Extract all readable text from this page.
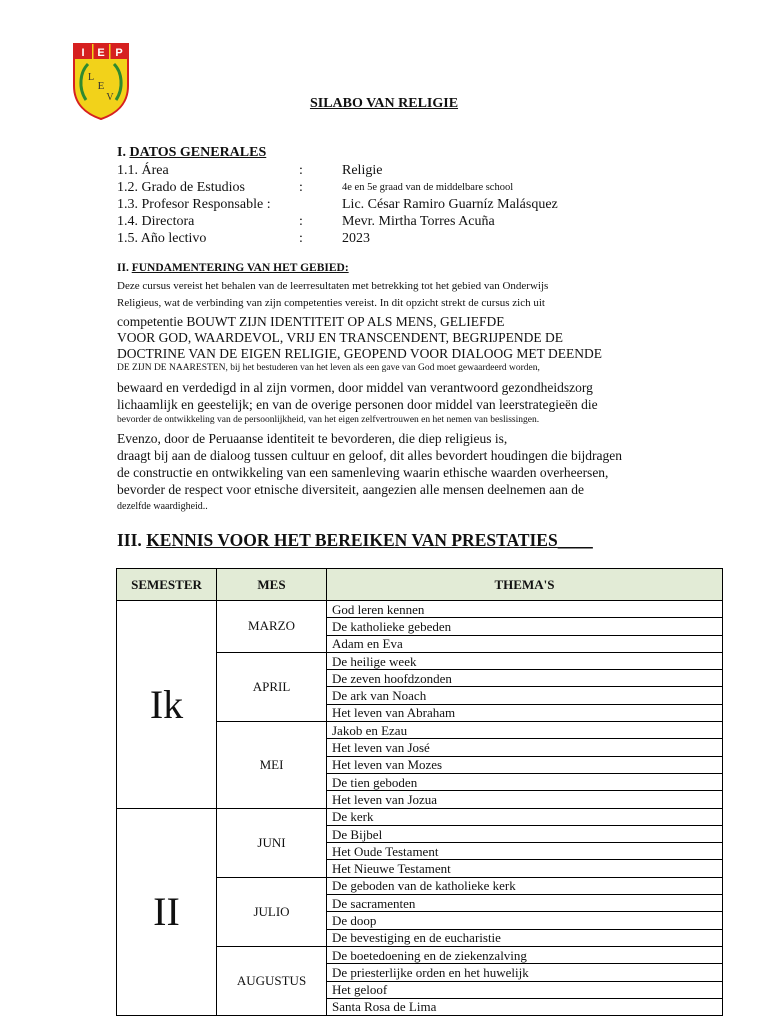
I E P
L
E
V	SILABO VAN RELIGIE
I. DATOS GENERALES
1.1. Área	:	Religie
1.2. Grado de Estudios	:	4e en 5e graad van de middelbare school
1.3. Profesor Responsable :	Lic. César Ramiro Guarníz Malásquez
1.4. Directora	:	Mevr. Mirtha Torres Acuña
1.5. Año lectivo	:	2023
II. FUNDAMENTERING VAN HET GEBIED:
Deze cursus vereist het behalen van de leerresultaten met betrekking tot het gebied van Onderwijs
Religieus, wat de verbinding van zijn competenties vereist. In dit opzicht strekt de cursus zich uit
competentie BOUWT ZIJN IDENTITEIT OP ALS MENS, GELIEFDE
VOOR GOD, WAARDEVOL, VRIJ EN TRANSCENDENT, BEGRIJPENDE DE
DOCTRINE VAN DE EIGEN RELIGIE, GEOPEND VOOR DIALOOG MET DEENDE
DE ZIJN DE NAARESTEN, bij het bestuderen van het leven als een gave van God moet gewaardeerd worden,
bewaard en verdedigd in al zijn vormen, door middel van verantwoord gezondheidszorg
lichaamlijk en geestelijk; en van de overige personen door middel van leerstrategieën die
bevorder de ontwikkeling van de persoonlijkheid, van het eigen zelfvertrouwen en het nemen van beslissingen.
Evenzo, door de Peruaanse identiteit te bevorderen, die diep religieus is,
draagt bij aan de dialoog tussen cultuur en geloof, dit alles bevordert houdingen die bijdragen
de constructie en ontwikkeling van een samenleving waarin ethische waarden overheersen,
bevorder de respect voor etnische diversiteit, aangezien alle mensen deelnemen aan de
dezelfde waardigheid..
III. KENNIS VOOR HET BEREIKEN VAN PRESTATIES____
SEMESTER	MES	THEMA'S
Ik	MARZO	God leren kennen
		De katholieke gebeden
		Adam en Eva
	APRIL	De heilige week
		De zeven hoofdzonden
		De ark van Noach
		Het leven van Abraham
	MEI	Jakob en Ezau
		Het leven van José
		Het leven van Mozes
		De tien geboden
		Het leven van Jozua
II	JUNI	De kerk
		De Bijbel
		Het Oude Testament
		Het Nieuwe Testament
	JULIO	De geboden van de katholieke kerk
		De sacramenten
		De doop
		De bevestiging en de eucharistie
	AUGUSTUS	De boetedoening en de ziekenzalving
		De priesterlijke orden en het huwelijk
		Het geloof
		Santa Rosa de Lima
